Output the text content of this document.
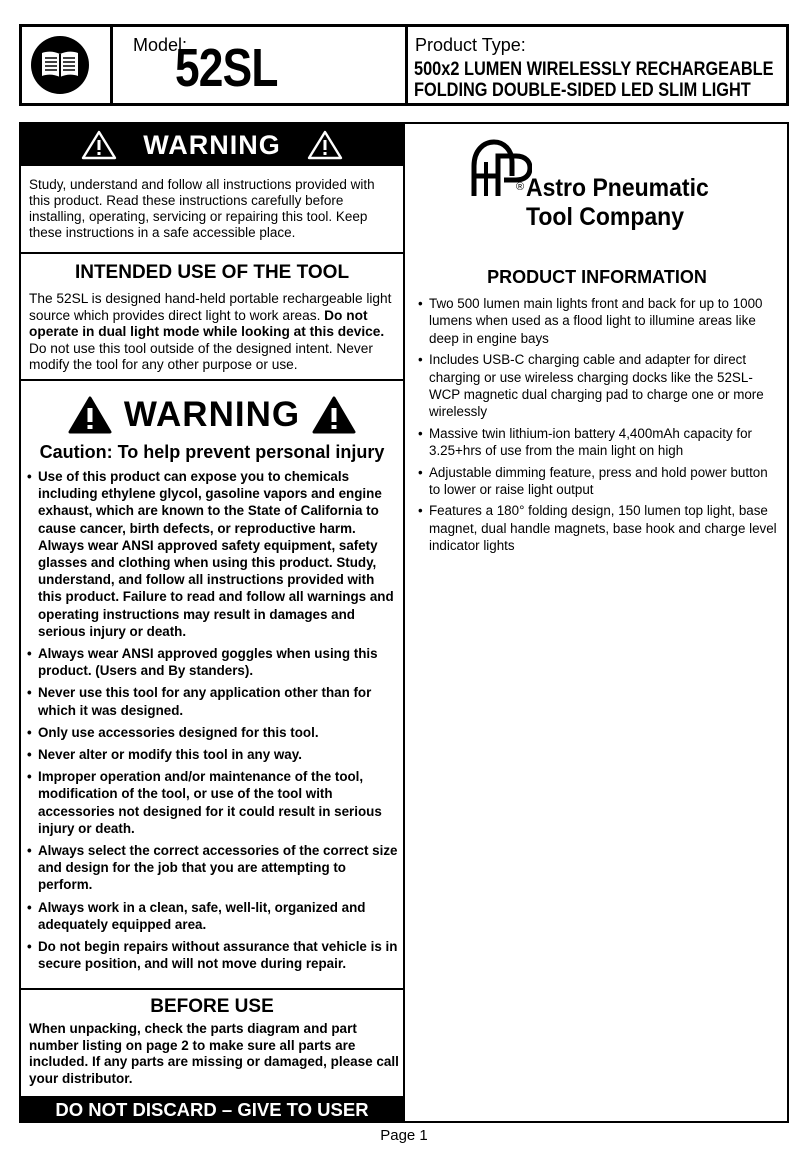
Model:
52SL	Product Type:
500x2 LUMEN WIRELESSLY RECHARGEABLE
FOLDING DOUBLE-SIDED LED SLIM LIGHT
WARNING
Study, understand and follow all instructions provided with this product. Read these instructions carefully before installing, operating, servicing or repairing this tool. Keep these instructions in a safe accessible place.
INTENDED USE OF THE TOOL
The 52SL is designed hand-held portable rechargeable light source which provides direct light to work areas. Do not operate in dual light mode while looking at this device. Do not use this tool outside of the designed intent. Never modify the tool for any other purpose or use.
WARNING
Caution: To help prevent personal injury
• Use of this product can expose you to chemicals including ethylene glycol, gasoline vapors and engine exhaust, which are known to the State of California to cause cancer, birth defects, or reproductive harm. Always wear ANSI approved safety equipment, safety glasses and clothing when using this product. Study, understand, and follow all instructions provided with this product. Failure to read and follow all warnings and operating instructions may result in damages and serious injury or death.
• Always wear ANSI approved goggles when using this product. (Users and By standers).
• Never use this tool for any application other than for which it was designed.
• Only use accessories designed for this tool.
• Never alter or modify this tool in any way.
• Improper operation and/or maintenance of the tool, modification of the tool, or use of the tool with accessories not designed for it could result in serious injury or death.
• Always select the correct accessories of the correct size and design for the job that you are attempting to perform.
• Always work in a clean, safe, well-lit, organized and adequately equipped area.
• Do not begin repairs without assurance that vehicle is in secure position, and will not move during repair.
BEFORE USE
When unpacking, check the parts diagram and part number listing on page 2 to make sure all parts are included. If any parts are missing or damaged, please call your distributor.
DO NOT DISCARD – GIVE TO USER
® Astro Pneumatic
Tool Company
PRODUCT INFORMATION
• Two 500 lumen main lights front and back for up to 1000 lumens when used as a flood light to illumine areas like deep in engine bays
• Includes USB-C charging cable and adapter for direct charging or use wireless charging docks like the 52SL-WCP magnetic dual charging pad to charge one or more wirelessly
• Massive twin lithium-ion battery 4,400mAh capacity for 3.25+hrs of use from the main light on high
• Adjustable dimming feature, press and hold power button to lower or raise light output
• Features a 180° folding design, 150 lumen top light, base magnet, dual handle magnets, base hook and charge level indicator lights
Page 1
